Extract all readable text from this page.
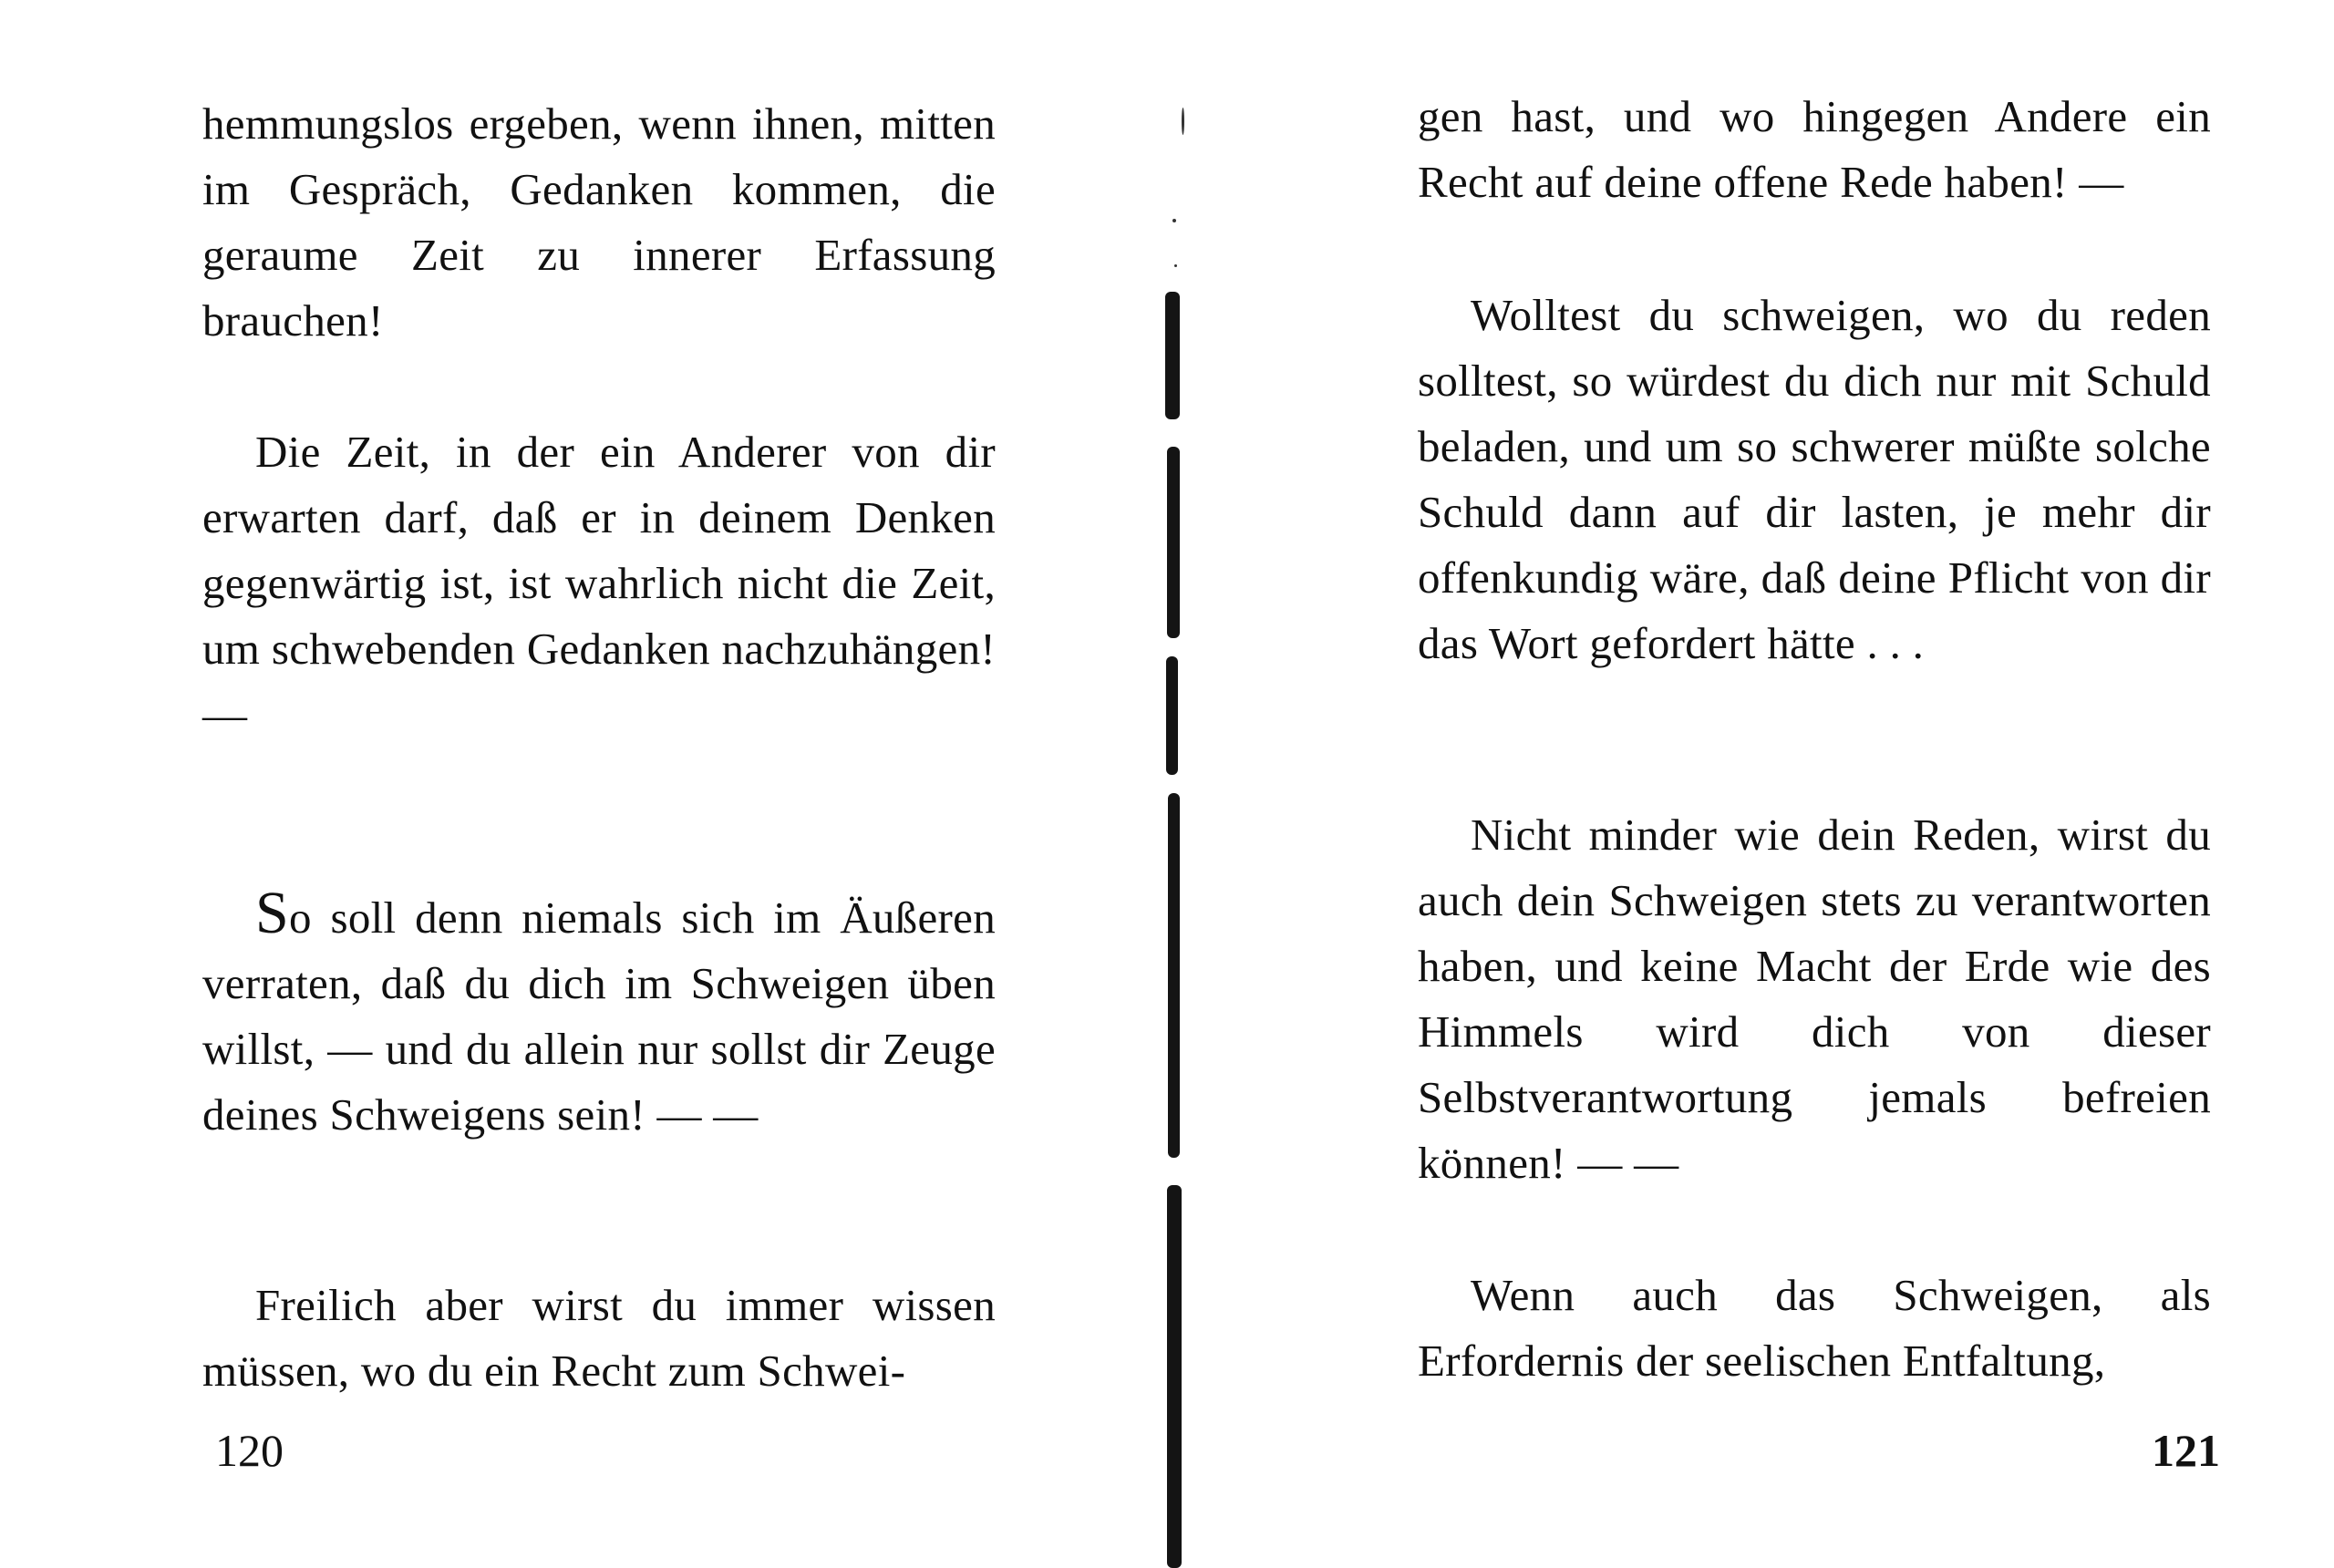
hemmungslos ergeben, wenn ihnen, mitten im Gespräch, Gedanken kommen, die geraume Zeit zu innerer Erfassung brauchen!

Die Zeit, in der ein Anderer von dir erwarten darf, daß er in deinem Denken gegenwärtig ist, ist wahrlich nicht die Zeit, um schwebenden Gedanken nachzuhängen! —

So soll denn niemals sich im Äußeren verraten, daß du dich im Schweigen üben willst, — und du allein nur sollst dir Zeuge deines Schweigens sein! — —

Freilich aber wirst du immer wissen müssen, wo du ein Recht zum Schwei-

120

gen hast, und wo hingegen Andere ein Recht auf deine offene Rede haben! —

Wolltest du schweigen, wo du reden solltest, so würdest du dich nur mit Schuld beladen, und um so schwerer müßte solche Schuld dann auf dir lasten, je mehr dir offenkundig wäre, daß deine Pflicht von dir das Wort gefordert hätte . . .

Nicht minder wie dein Reden, wirst du auch dein Schweigen stets zu verantworten haben, und keine Macht der Erde wie des Himmels wird dich von dieser Selbstverantwortung jemals befreien können! — —

Wenn auch das Schweigen, als Erfordernis der seelischen Entfaltung,

121
